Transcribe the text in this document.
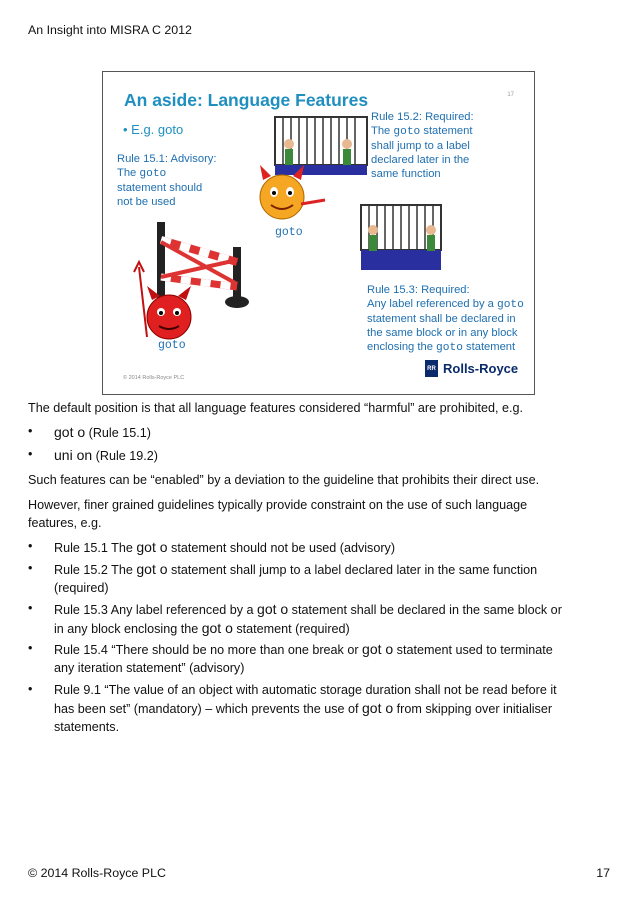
An Insight into MISRA C 2012
An aside: Language Features	17
• E.g. goto
Rule 15.1: Advisory:
The goto
statement should
not be used
Rule 15.2: Required:
The goto statement
shall jump to a label
declared later in the
same function
Rule 15.3: Required:
Any label referenced by a goto
statement shall be declared in
the same block or in any block
enclosing the goto statement
goto
goto
© 2014 Rolls-Royce PLC
RR Rolls-Royce
The default position is that all language features considered “harmful” are prohibited, e.g.
• got o (Rule 15.1)
• uni on (Rule 19.2)
Such features can be “enabled” by a deviation to the guideline that prohibits their direct use.
However, finer grained guidelines typically provide constraint on the use of such language
features, e.g.
• Rule 15.1 The got o statement should not be used (advisory)
• Rule 15.2 The got o statement shall jump to a label declared later in the same function
(required)
• Rule 15.3 Any label referenced by a got o statement shall be declared in the same block or
in any block enclosing the got o statement (required)
• Rule 15.4 “There should be no more than one break or got o statement used to terminate
any iteration statement” (advisory)
• Rule 9.1 “The value of an object with automatic storage duration shall not be read before it
has been set” (mandatory) – which prevents the use of got o from skipping over initialiser
statements.
© 2014 Rolls-Royce PLC	17
